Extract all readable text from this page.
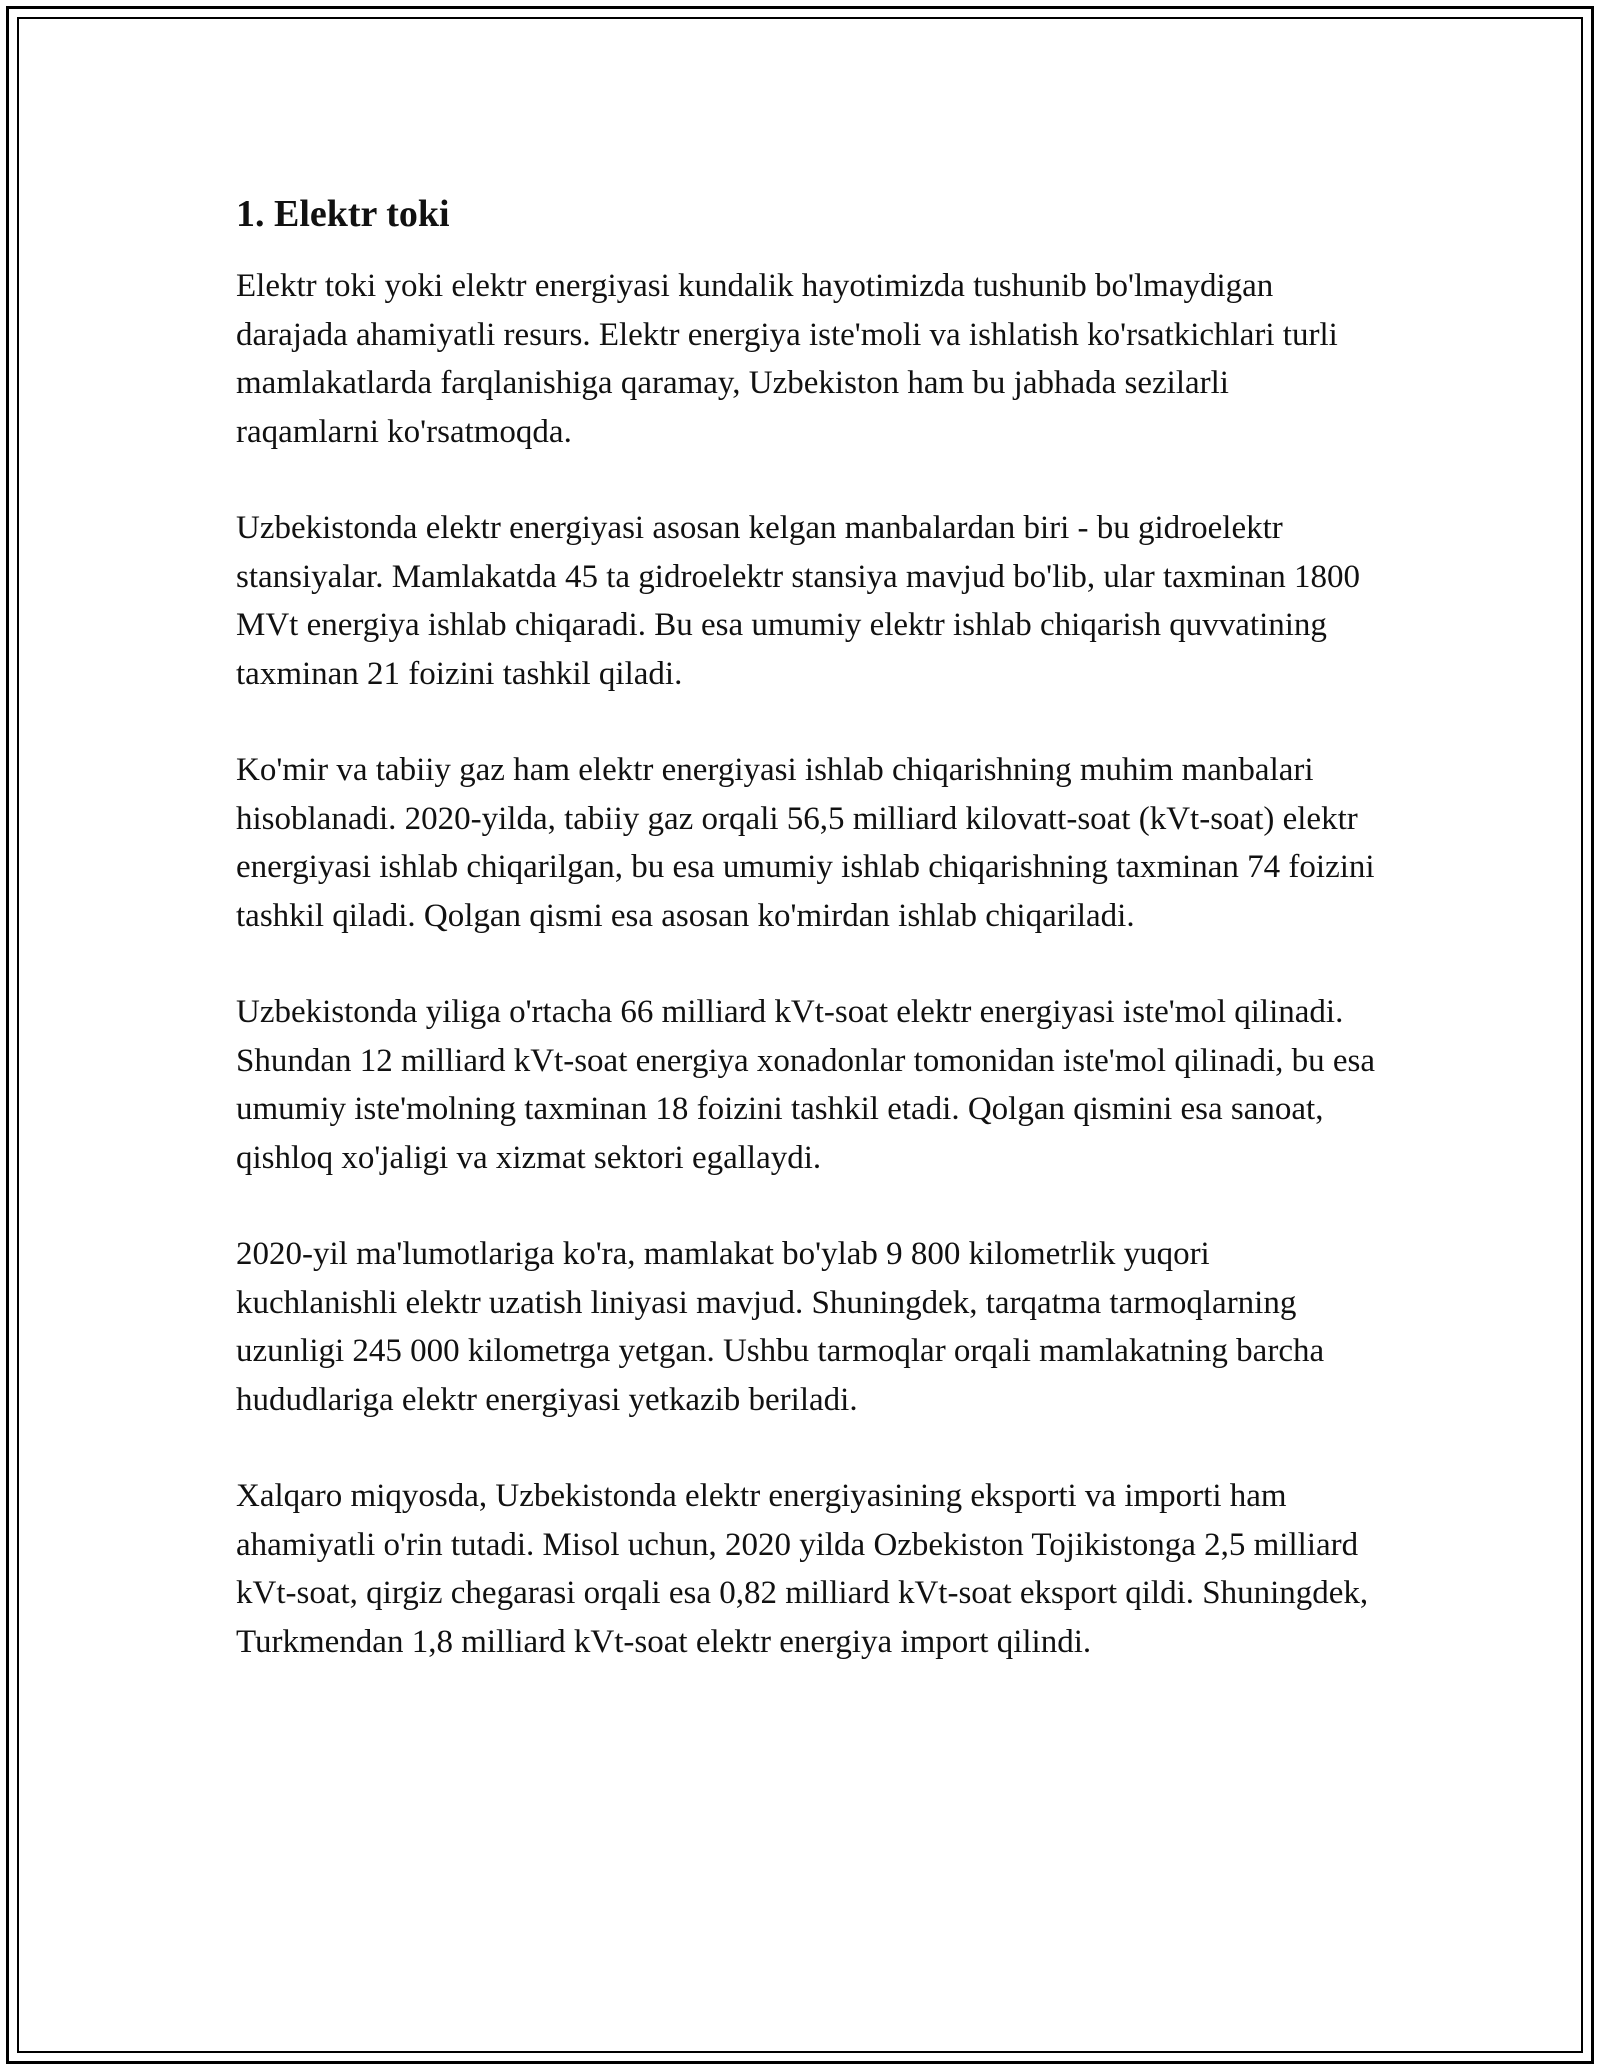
1. Elektr toki

Elektr toki yoki elektr energiyasi kundalik hayotimizda tushunib bo'lmaydigan darajada ahamiyatli resurs. Elektr energiya iste'moli va ishlatish ko'rsatkichlari turli mamlakatlarda farqlanishiga qaramay, Uzbekiston ham bu jabhada sezilarli raqamlarni ko'rsatmoqda.

Uzbekistonda elektr energiyasi asosan kelgan manbalardan biri - bu gidroelektr stansiyalar. Mamlakatda 45 ta gidroelektr stansiya mavjud bo'lib, ular taxminan 1800 MVt energiya ishlab chiqaradi. Bu esa umumiy elektr ishlab chiqarish quvvatining taxminan 21 foizini tashkil qiladi.

Ko'mir va tabiiy gaz ham elektr energiyasi ishlab chiqarishning muhim manbalari hisoblanadi. 2020-yilda, tabiiy gaz orqali 56,5 milliard kilovatt-soat (kVt-soat) elektr energiyasi ishlab chiqarilgan, bu esa umumiy ishlab chiqarishning taxminan 74 foizini tashkil qiladi. Qolgan qismi esa asosan ko'mirdan ishlab chiqariladi.

Uzbekistonda yiliga o'rtacha 66 milliard kVt-soat elektr energiyasi iste'mol qilinadi. Shundan 12 milliard kVt-soat energiya xonadonlar tomonidan iste'mol qilinadi, bu esa umumiy iste'molning taxminan 18 foizini tashkil etadi. Qolgan qismini esa sanoat, qishloq xo'jaligi va xizmat sektori egallaydi.

2020-yil ma'lumotlariga ko'ra, mamlakat bo'ylab 9 800 kilometrlik yuqori kuchlanishli elektr uzatish liniyasi mavjud. Shuningdek, tarqatma tarmoqlarning uzunligi 245 000 kilometrga yetgan. Ushbu tarmoqlar orqali mamlakatning barcha hududlariga elektr energiyasi yetkazib beriladi.

Xalqaro miqyosda, Uzbekistonda elektr energiyasining eksporti va importi ham ahamiyatli o'rin tutadi. Misol uchun, 2020 yilda Ozbekiston Tojikistonga 2,5 milliard kVt-soat, qirgiz chegarasi orqali esa 0,82 milliard kVt-soat eksport qildi. Shuningdek, Turkmendan 1,8 milliard kVt-soat elektr energiya import qilindi.
